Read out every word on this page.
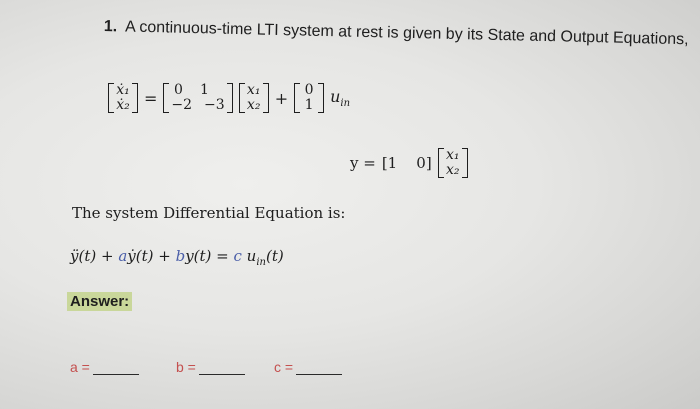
1. A continuous-time LTI system at rest is given by its State and Output Equations,
ẋ₁
ẋ₂ = 0 1
−2 −3
x₁
x₂ + 0
1 $u_{in}$
y = [1 0] x₁
x₂
The system Differential Equation is:
ÿ(t) + aẏ(t) + by(t) = c $u_{in}(t)$
Answer:
a =	b =	c =
